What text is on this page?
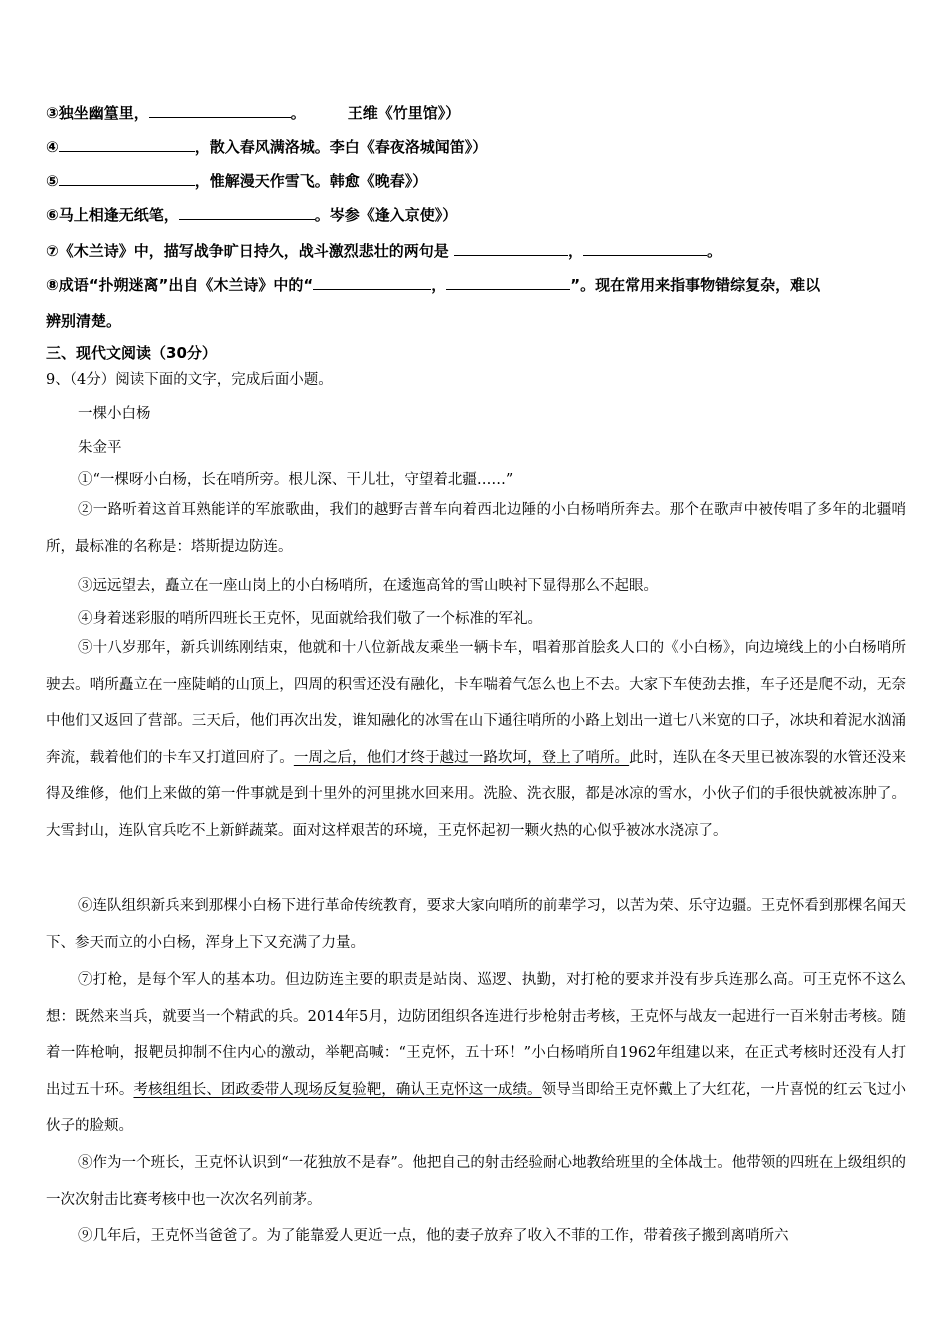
③独坐幽篁里，	。	王维《竹里馆》）
④	，散入春风满洛城。李白《春夜洛城闻笛》）
⑤	，惟解漫天作雪飞。韩愈《晚春》）
⑥马上相逢无纸笔，	。岑参《逢入京使》）
⑦《木兰诗》中，描写战争旷日持久，战斗激烈悲壮的两句是	，	。
⑧成语“扑朔迷离”出自《木兰诗》中的“	，	”。现在常用来指事物错综复杂，难以
辨别清楚。
三、现代文阅读（30分）
9、（4分）阅读下面的文字，完成后面小题。
一棵小白杨
朱金平
①“一棵呀小白杨，长在哨所旁。根儿深、干儿壮，守望着北疆……”
②一路听着这首耳熟能详的军旅歌曲，我们的越野吉普车向着西北边陲的小白杨哨所奔去。那个在歌声中被传唱了多年的北疆哨所，最标准的名称是：塔斯提边防连。
③远远望去，矗立在一座山岗上的小白杨哨所，在逶迤高耸的雪山映衬下显得那么不起眼。
④身着迷彩服的哨所四班长王克怀，见面就给我们敬了一个标准的军礼。
⑤十八岁那年，新兵训练刚结束，他就和十八位新战友乘坐一辆卡车，唱着那首脍炙人口的《小白杨》，向边境线上的小白杨哨所驶去。哨所矗立在一座陡峭的山顶上，四周的积雪还没有融化，卡车喘着气怎么也上不去。大家下车使劲去推，车子还是爬不动，无奈中他们又返回了营部。三天后，他们再次出发，谁知融化的冰雪在山下通往哨所的小路上划出一道七八米宽的口子，冰块和着泥水汹涌奔流，载着他们的卡车又打道回府了。一周之后，他们才终于越过一路坎坷，登上了哨所。此时，连队在冬天里已被冻裂的水管还没来得及维修，他们上来做的第一件事就是到十里外的河里挑水回来用。洗脸、洗衣服，都是冰凉的雪水，小伙子们的手很快就被冻肿了。大雪封山，连队官兵吃不上新鲜蔬菜。面对这样艰苦的环境，王克怀起初一颗火热的心似乎被冰水浇凉了。
⑥连队组织新兵来到那棵小白杨下进行革命传统教育，要求大家向哨所的前辈学习，以苦为荣、乐守边疆。王克怀看到那棵名闻天下、参天而立的小白杨，浑身上下又充满了力量。
⑦打枪，是每个军人的基本功。但边防连主要的职责是站岗、巡逻、执勤，对打枪的要求并没有步兵连那么高。可王克怀不这么想：既然来当兵，就要当一个精武的兵。2014年5月，边防团组织各连进行步枪射击考核，王克怀与战友一起进行一百米射击考核。随着一阵枪响，报靶员抑制不住内心的激动，举靶高喊：“王克怀，五十环！”小白杨哨所自1962年组建以来，在正式考核时还没有人打出过五十环。考核组组长、团政委带人现场反复验靶，确认王克怀这一成绩。领导当即给王克怀戴上了大红花，一片喜悦的红云飞过小伙子的脸颊。
⑧作为一个班长，王克怀认识到“一花独放不是春”。他把自己的射击经验耐心地教给班里的全体战士。他带领的四班在上级组织的一次次射击比赛考核中也一次次名列前茅。
⑨几年后，王克怀当爸爸了。为了能靠爱人更近一点，他的妻子放弃了收入不菲的工作，带着孩子搬到离哨所六
